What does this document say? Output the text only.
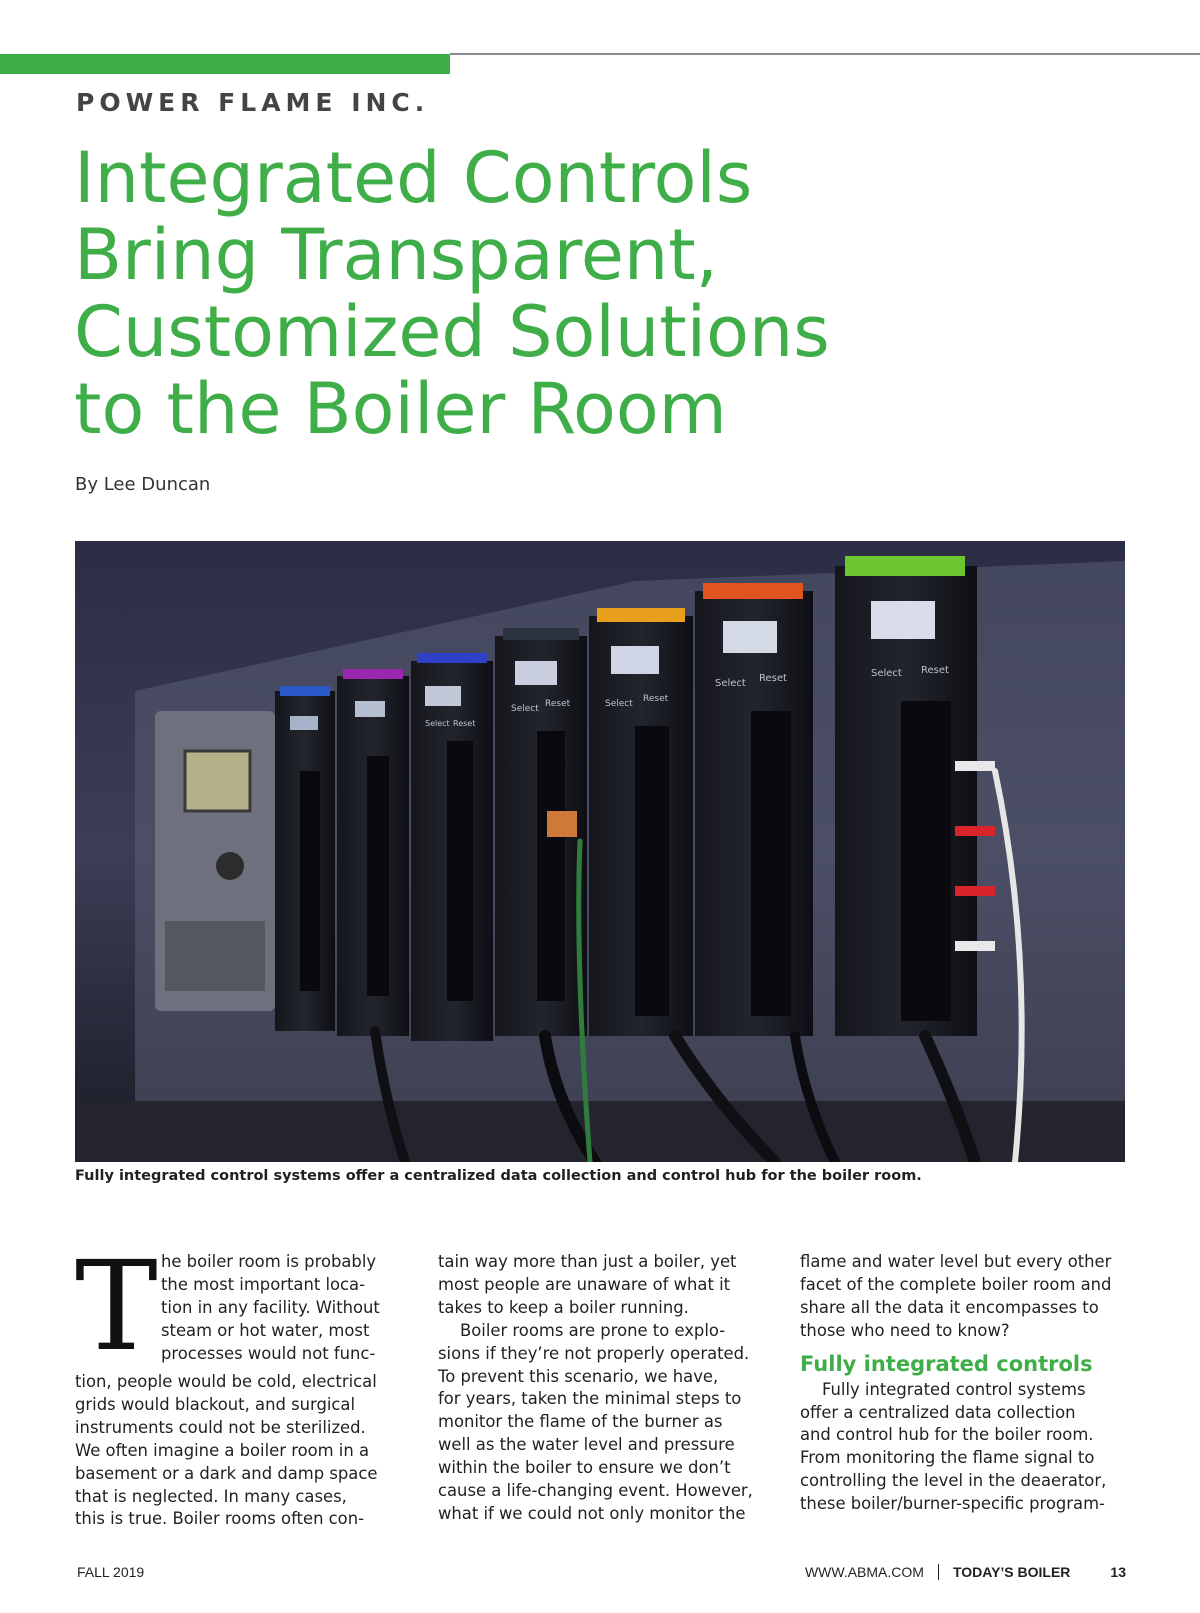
POWER FLAME INC.
Integrated Controls
Bring Transparent,
Customized Solutions
to the Boiler Room
By Lee Duncan
Select Reset
Select Reset	Select Reset
Select Reset	Select Reset
Fully integrated control systems offer a centralized data collection and control hub for the boiler room.
T he boiler room is probably
the most important loca-
tion in any facility. Without
steam or hot water, most
processes would not func-
tion, people would be cold, electrical
grids would blackout, and surgical
instruments could not be sterilized.
We often imagine a boiler room in a
basement or a dark and damp space
that is neglected. In many cases,
this is true. Boiler rooms often con-
tain way more than just a boiler, yet
most people are unaware of what it
takes to keep a boiler running.
Boiler rooms are prone to explo-
sions if they’re not properly operated.
To prevent this scenario, we have,
for years, taken the minimal steps to
monitor the flame of the burner as
well as the water level and pressure
within the boiler to ensure we don’t
cause a life-changing event. However,
what if we could not only monitor the
flame and water level but every other
facet of the complete boiler room and
share all the data it encompasses to
those who need to know?
Fully integrated controls
Fully integrated control systems
offer a centralized data collection
and control hub for the boiler room.
From monitoring the flame signal to
controlling the level in the deaerator,
these boiler/burner-specific program-
FALL 2019	WWW.ABMA.COM TODAY’S BOILER	13
